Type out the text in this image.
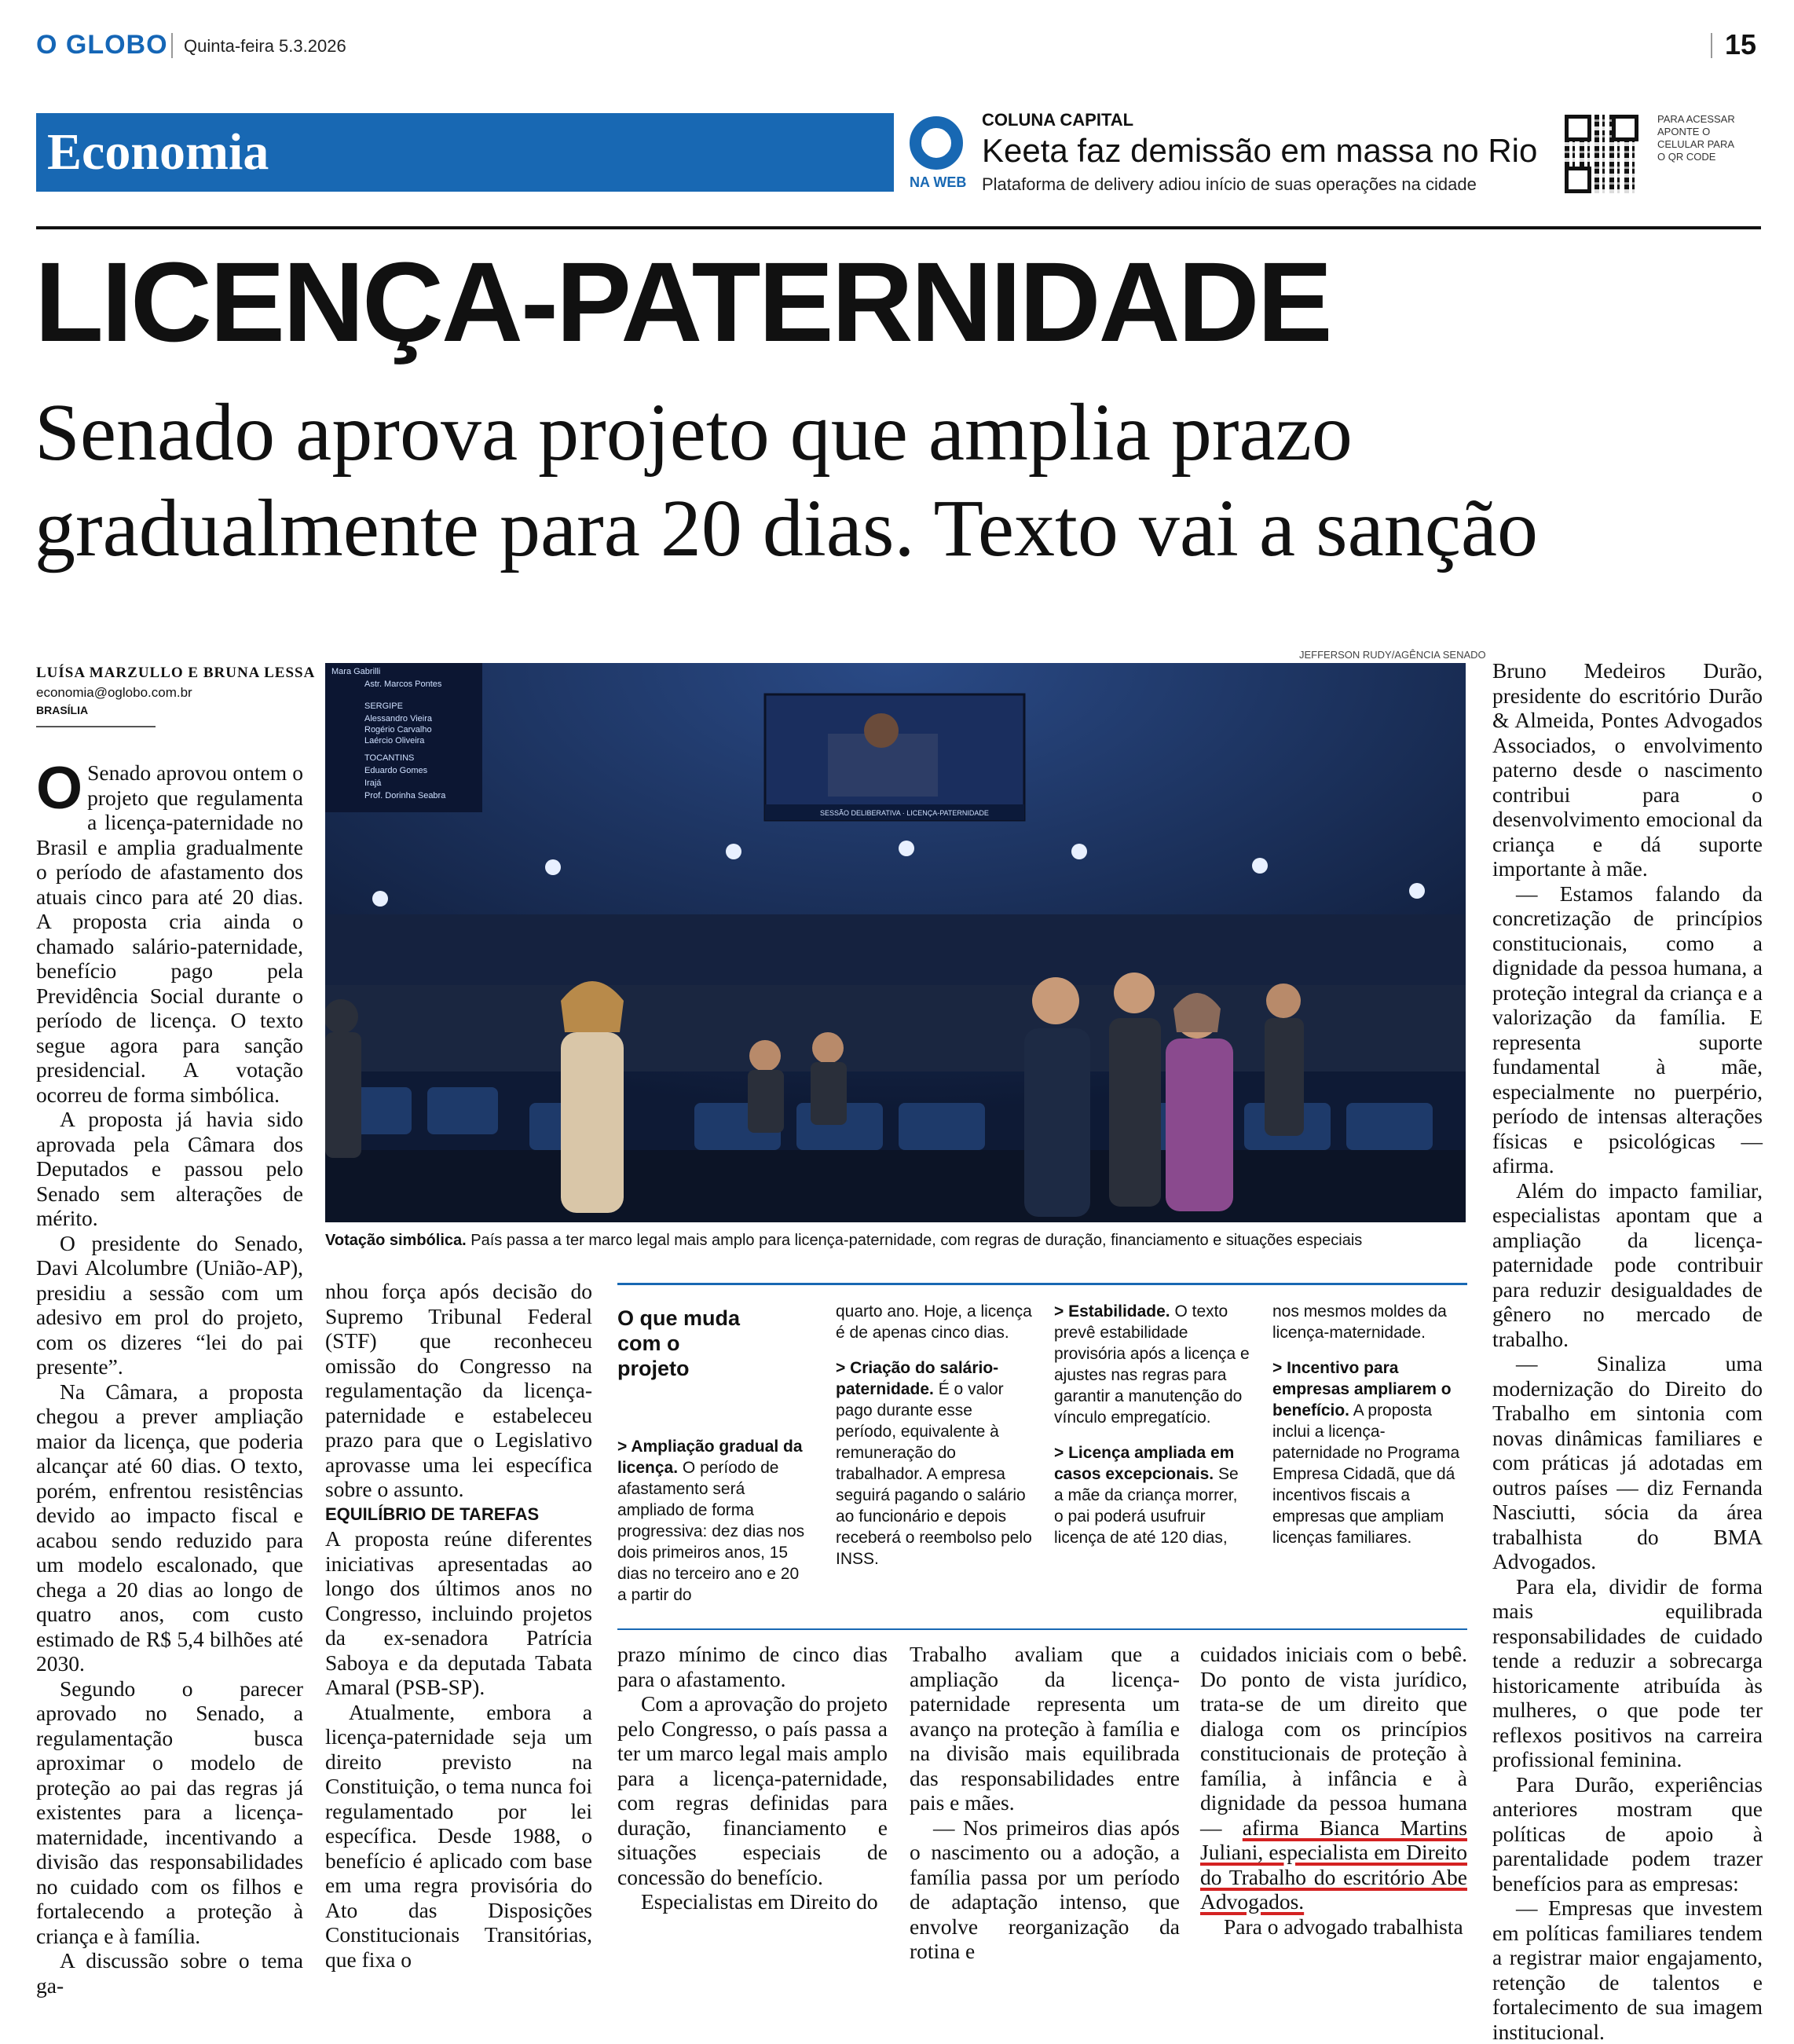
O GLOBO Quinta-feira 5.3.2026	15
Economia
NA WEB
COLUNA CAPITAL
Keeta faz demissão em massa no Rio
Plataforma de delivery adiou início de suas operações na cidade
PARA ACESSAR APONTE O CELULAR PARA O QR CODE
LICENÇA-PATERNIDADE
Senado aprova projeto que amplia prazo
gradualmente para 20 dias. Texto vai a sanção
LUÍSA MARZULLO E BRUNA LESSA
economia@oglobo.com.br
BRASÍLIA

O Senado aprovou ontem o projeto que regulamenta a licença-paternidade no Brasil e amplia gradualmente o período de afastamento dos atuais cinco para até 20 dias. A proposta cria ainda o chamado salário-paternidade, benefício pago pela Previdência Social durante o período de licença. O texto segue agora para sanção presidencial. A votação ocorreu de forma simbólica.

A proposta já havia sido aprovada pela Câmara dos Deputados e passou pelo Senado sem alterações de mérito.

O presidente do Senado, Davi Alcolumbre (União-AP), presidiu a sessão com um adesivo em prol do projeto, com os dizeres “lei do pai presente”.

Na Câmara, a proposta chegou a prever ampliação maior da licença, que poderia alcançar até 60 dias. O texto, porém, enfrentou resistências devido ao impacto fiscal e acabou sendo reduzido para um modelo escalonado, que chega a 20 dias ao longo de quatro anos, com custo estimado de R$ 5,4 bilhões até 2030.

Segundo o parecer aprovado no Senado, a regulamentação busca aproximar o modelo de proteção ao pai das regras já existentes para a licença-maternidade, incentivando a divisão das responsabilidades no cuidado com os filhos e fortalecendo a proteção à criança e à família.

A discussão sobre o tema ga-

JEFFERSON RUDY/AGÊNCIA SENADO
Mara Gabrilli
Astr. Marcos Pontes
SERGIPE
Alessandro Vieira
Rogério Carvalho
Laércio Oliveira
TOCANTINS
Eduardo Gomes
Irajá
Prof. Dorinha Seabra
SESSÃO DELIBERATIVA · LICENÇA-PATERNIDADE
Votação simbólica. País passa a ter marco legal mais amplo para licença-paternidade, com regras de duração, financiamento e situações especiais

nhou força após decisão do Supremo Tribunal Federal (STF) que reconheceu omissão do Congresso na regulamentação da licença-paternidade e estabeleceu prazo para que o Legislativo aprovasse uma lei específica sobre o assunto.

EQUILÍBRIO DE TAREFAS

A proposta reúne diferentes iniciativas apresentadas ao longo dos últimos anos no Congresso, incluindo projetos da ex-senadora Patrícia Saboya e da deputada Tabata Amaral (PSB-SP).

Atualmente, embora a licença-paternidade seja um direito previsto na Constituição, o tema nunca foi regulamentado por lei específica. Desde 1988, o benefício é aplicado com base em uma regra provisória do Ato das Disposições Constitucionais Transitórias, que fixa o

O que muda com o projeto

> Ampliação gradual da licença. O período de afastamento será ampliado de forma progressiva: dez dias nos dois primeiros anos, 15 dias no terceiro ano e 20 a partir do

quarto ano. Hoje, a licença é de apenas cinco dias.

> Criação do salário-paternidade. É o valor pago durante esse período, equivalente à remuneração do trabalhador. A empresa seguirá pagando o salário ao funcionário e depois receberá o reembolso pelo INSS.

> Estabilidade. O texto prevê estabilidade provisória após a licença e ajustes nas regras para garantir a manutenção do vínculo empregatício.

> Licença ampliada em casos excepcionais. Se a mãe da criança morrer, o pai poderá usufruir licença de até 120 dias,

nos mesmos moldes da licença-maternidade.

> Incentivo para empresas ampliarem o benefício. A proposta inclui a licença-paternidade no Programa Empresa Cidadã, que dá incentivos fiscais a empresas que ampliam licenças familiares.

prazo mínimo de cinco dias para o afastamento.

Com a aprovação do projeto pelo Congresso, o país passa a ter um marco legal mais amplo para a licença-paternidade, com regras definidas para duração, financiamento e situações especiais de concessão do benefício.

Especialistas em Direito do

Trabalho avaliam que a ampliação da licença-paternidade representa um avanço na proteção à família e na divisão mais equilibrada das responsabilidades entre pais e mães.

— Nos primeiros dias após o nascimento ou a adoção, a família passa por um período de adaptação intenso, que envolve reorganização da rotina e

cuidados iniciais com o bebê. Do ponto de vista jurídico, trata-se de um direito que dialoga com os princípios constitucionais de proteção à família, à infância e à dignidade da pessoa humana — afirma Bianca Martins Juliani, especialista em Direito do Trabalho do escritório Abe Advogados.

Para o advogado trabalhista

Bruno Medeiros Durão, presidente do escritório Durão & Almeida, Pontes Advogados Associados, o envolvimento paterno desde o nascimento contribui para o desenvolvimento emocional da criança e dá suporte importante à mãe.

— Estamos falando da concretização de princípios constitucionais, como a dignidade da pessoa humana, a proteção integral da criança e a valorização da família. E representa suporte fundamental à mãe, especialmente no puerpério, período de intensas alterações físicas e psicológicas — afirma.

Além do impacto familiar, especialistas apontam que a ampliação da licença-paternidade pode contribuir para reduzir desigualdades de gênero no mercado de trabalho.

— Sinaliza uma modernização do Direito do Trabalho em sintonia com novas dinâmicas familiares e com práticas já adotadas em outros países — diz Fernanda Nasciutti, sócia da área trabalhista do BMA Advogados.

Para ela, dividir de forma mais equilibrada responsabilidades de cuidado tende a reduzir a sobrecarga historicamente atribuída às mulheres, o que pode ter reflexos positivos na carreira profissional feminina.

Para Durão, experiências anteriores mostram que políticas de apoio à parentalidade podem trazer benefícios para as empresas:

— Empresas que investem em políticas familiares tendem a registrar maior engajamento, retenção de talentos e fortalecimento de sua imagem institucional.
